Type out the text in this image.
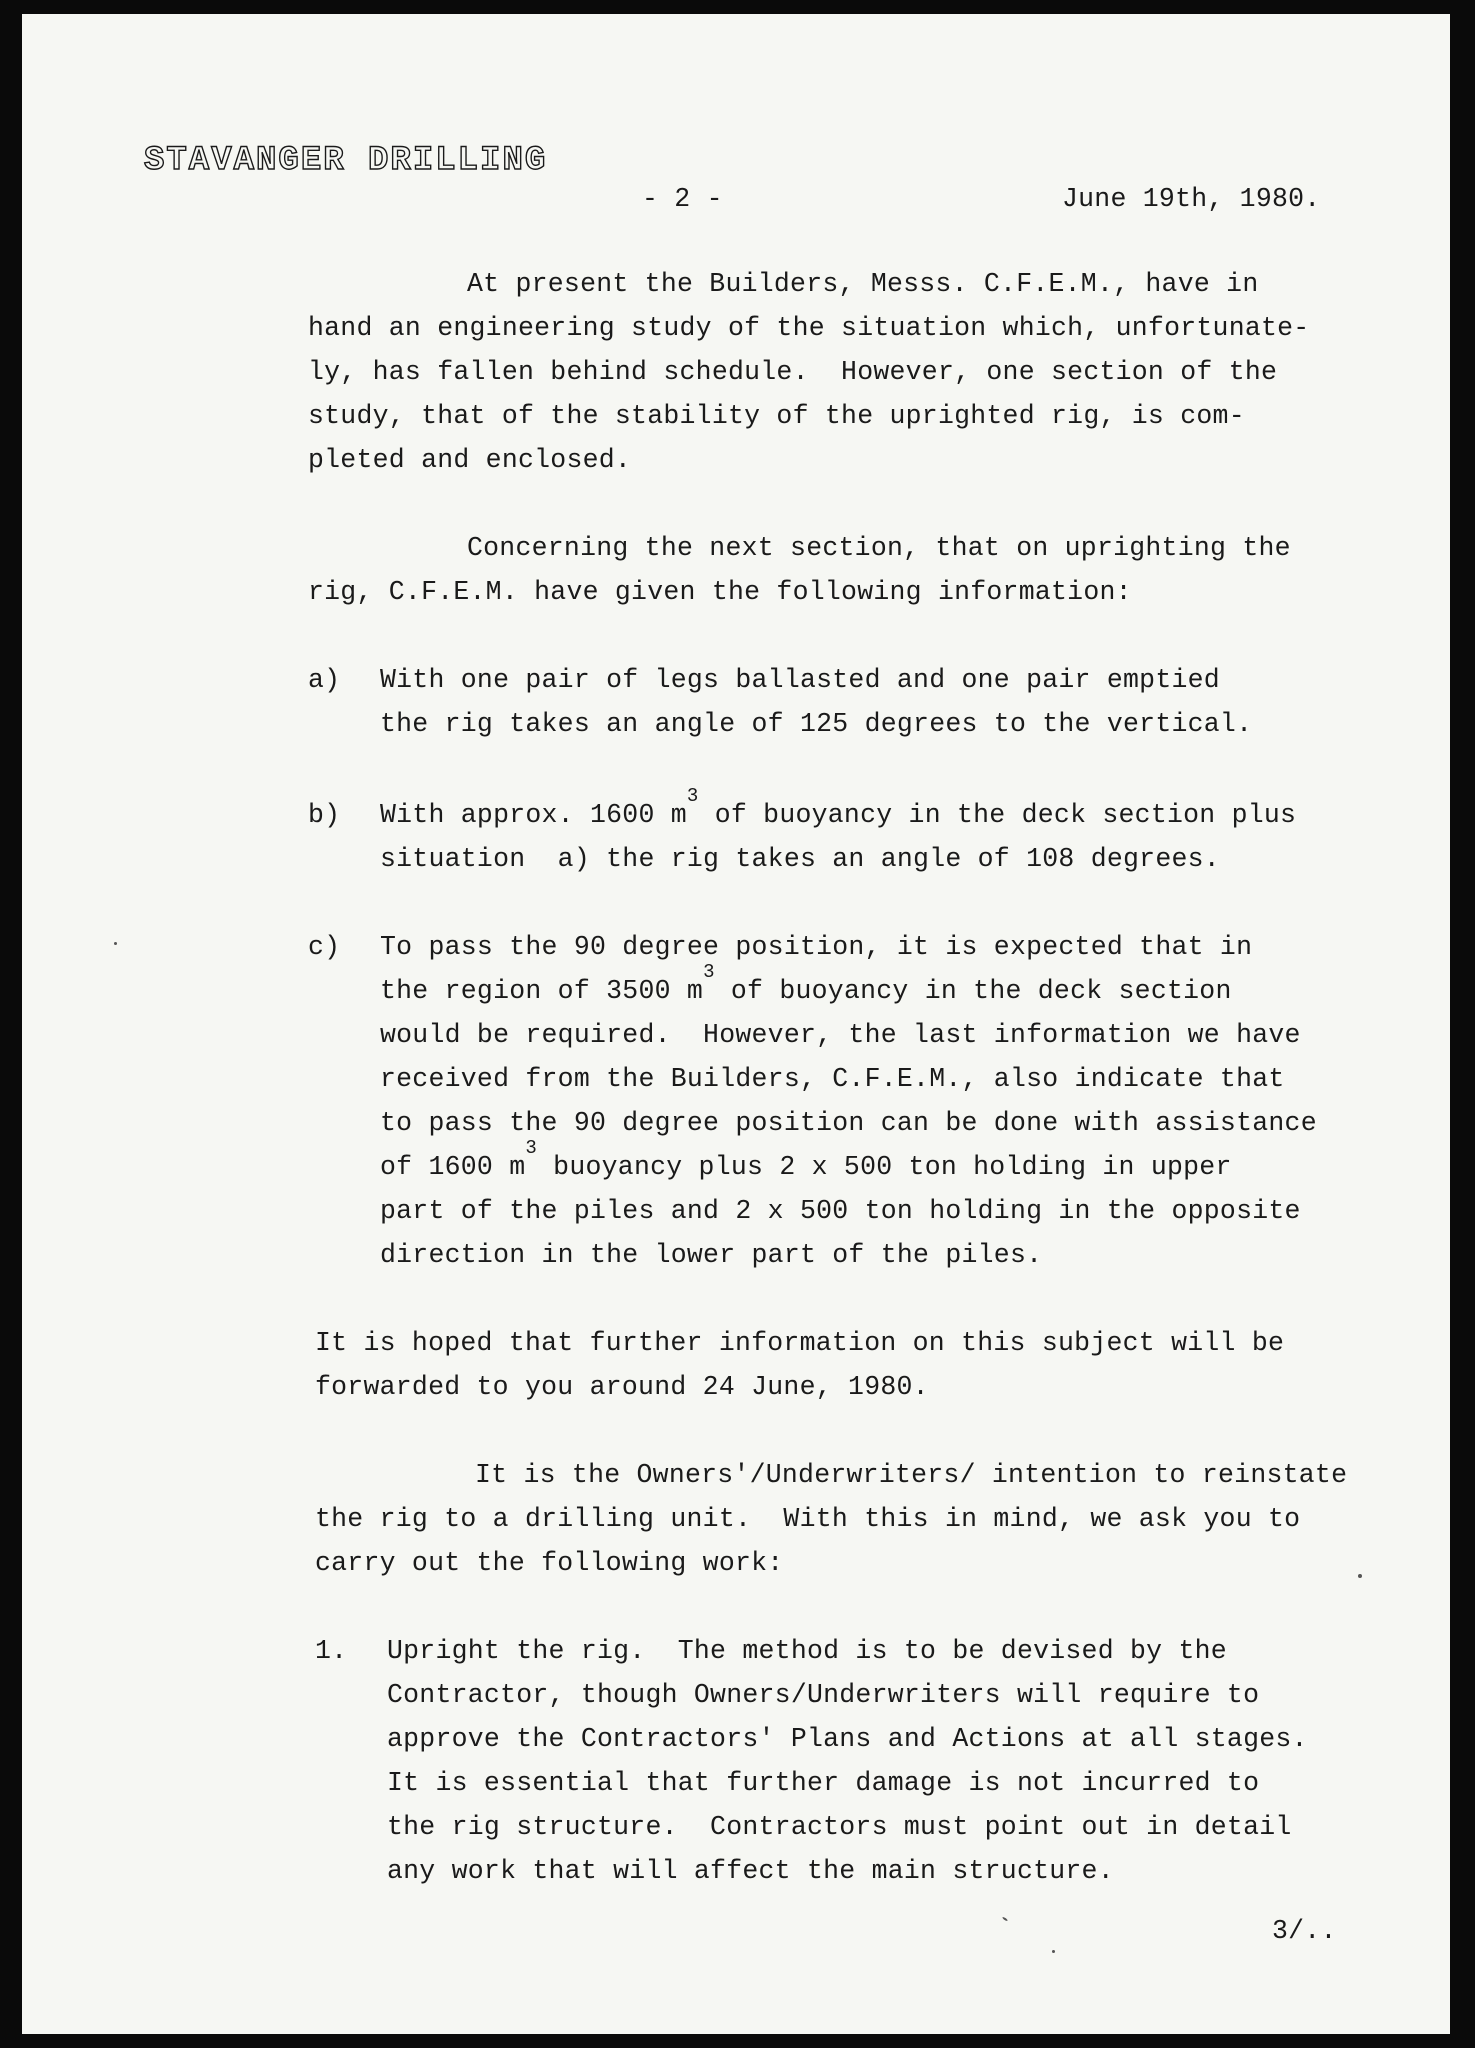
STAVANGER DRILLING
- 2 -	June 19th, 1980.
At present the Builders, Messs. C.F.E.M., have in
hand an engineering study of the situation which, unfortunate-
ly, has fallen behind schedule.  However, one section of the
study, that of the stability of the uprighted rig, is com-
pleted and enclosed.
Concerning the next section, that on uprighting the
rig, C.F.E.M. have given the following information:
a) With one pair of legs ballasted and one pair emptied
the rig takes an angle of 125 degrees to the vertical.
b) With approx. 1600 $m^3$ of buoyancy in the deck section plus
situation  a) the rig takes an angle of 108 degrees.
c) To pass the 90 degree position, it is expected that in
the region of 3500 $m^3$ of buoyancy in the deck section
would be required.  However, the last information we have
received from the Builders, C.F.E.M., also indicate that
to pass the 90 degree position can be done with assistance
of 1600 $m^3$ buoyancy plus 2 x 500 ton holding in upper
part of the piles and 2 x 500 ton holding in the opposite
direction in the lower part of the piles.
It is hoped that further information on this subject will be
forwarded to you around 24 June, 1980.
It is the Owners'/Underwriters/ intention to reinstate
the rig to a drilling unit.  With this in mind, we ask you to
carry out the following work:
1. Upright the rig.  The method is to be devised by the
Contractor, though Owners/Underwriters will require to
approve the Contractors' Plans and Actions at all stages.
It is essential that further damage is not incurred to
the rig structure.  Contractors must point out in detail
any work that will affect the main structure.
3/..
